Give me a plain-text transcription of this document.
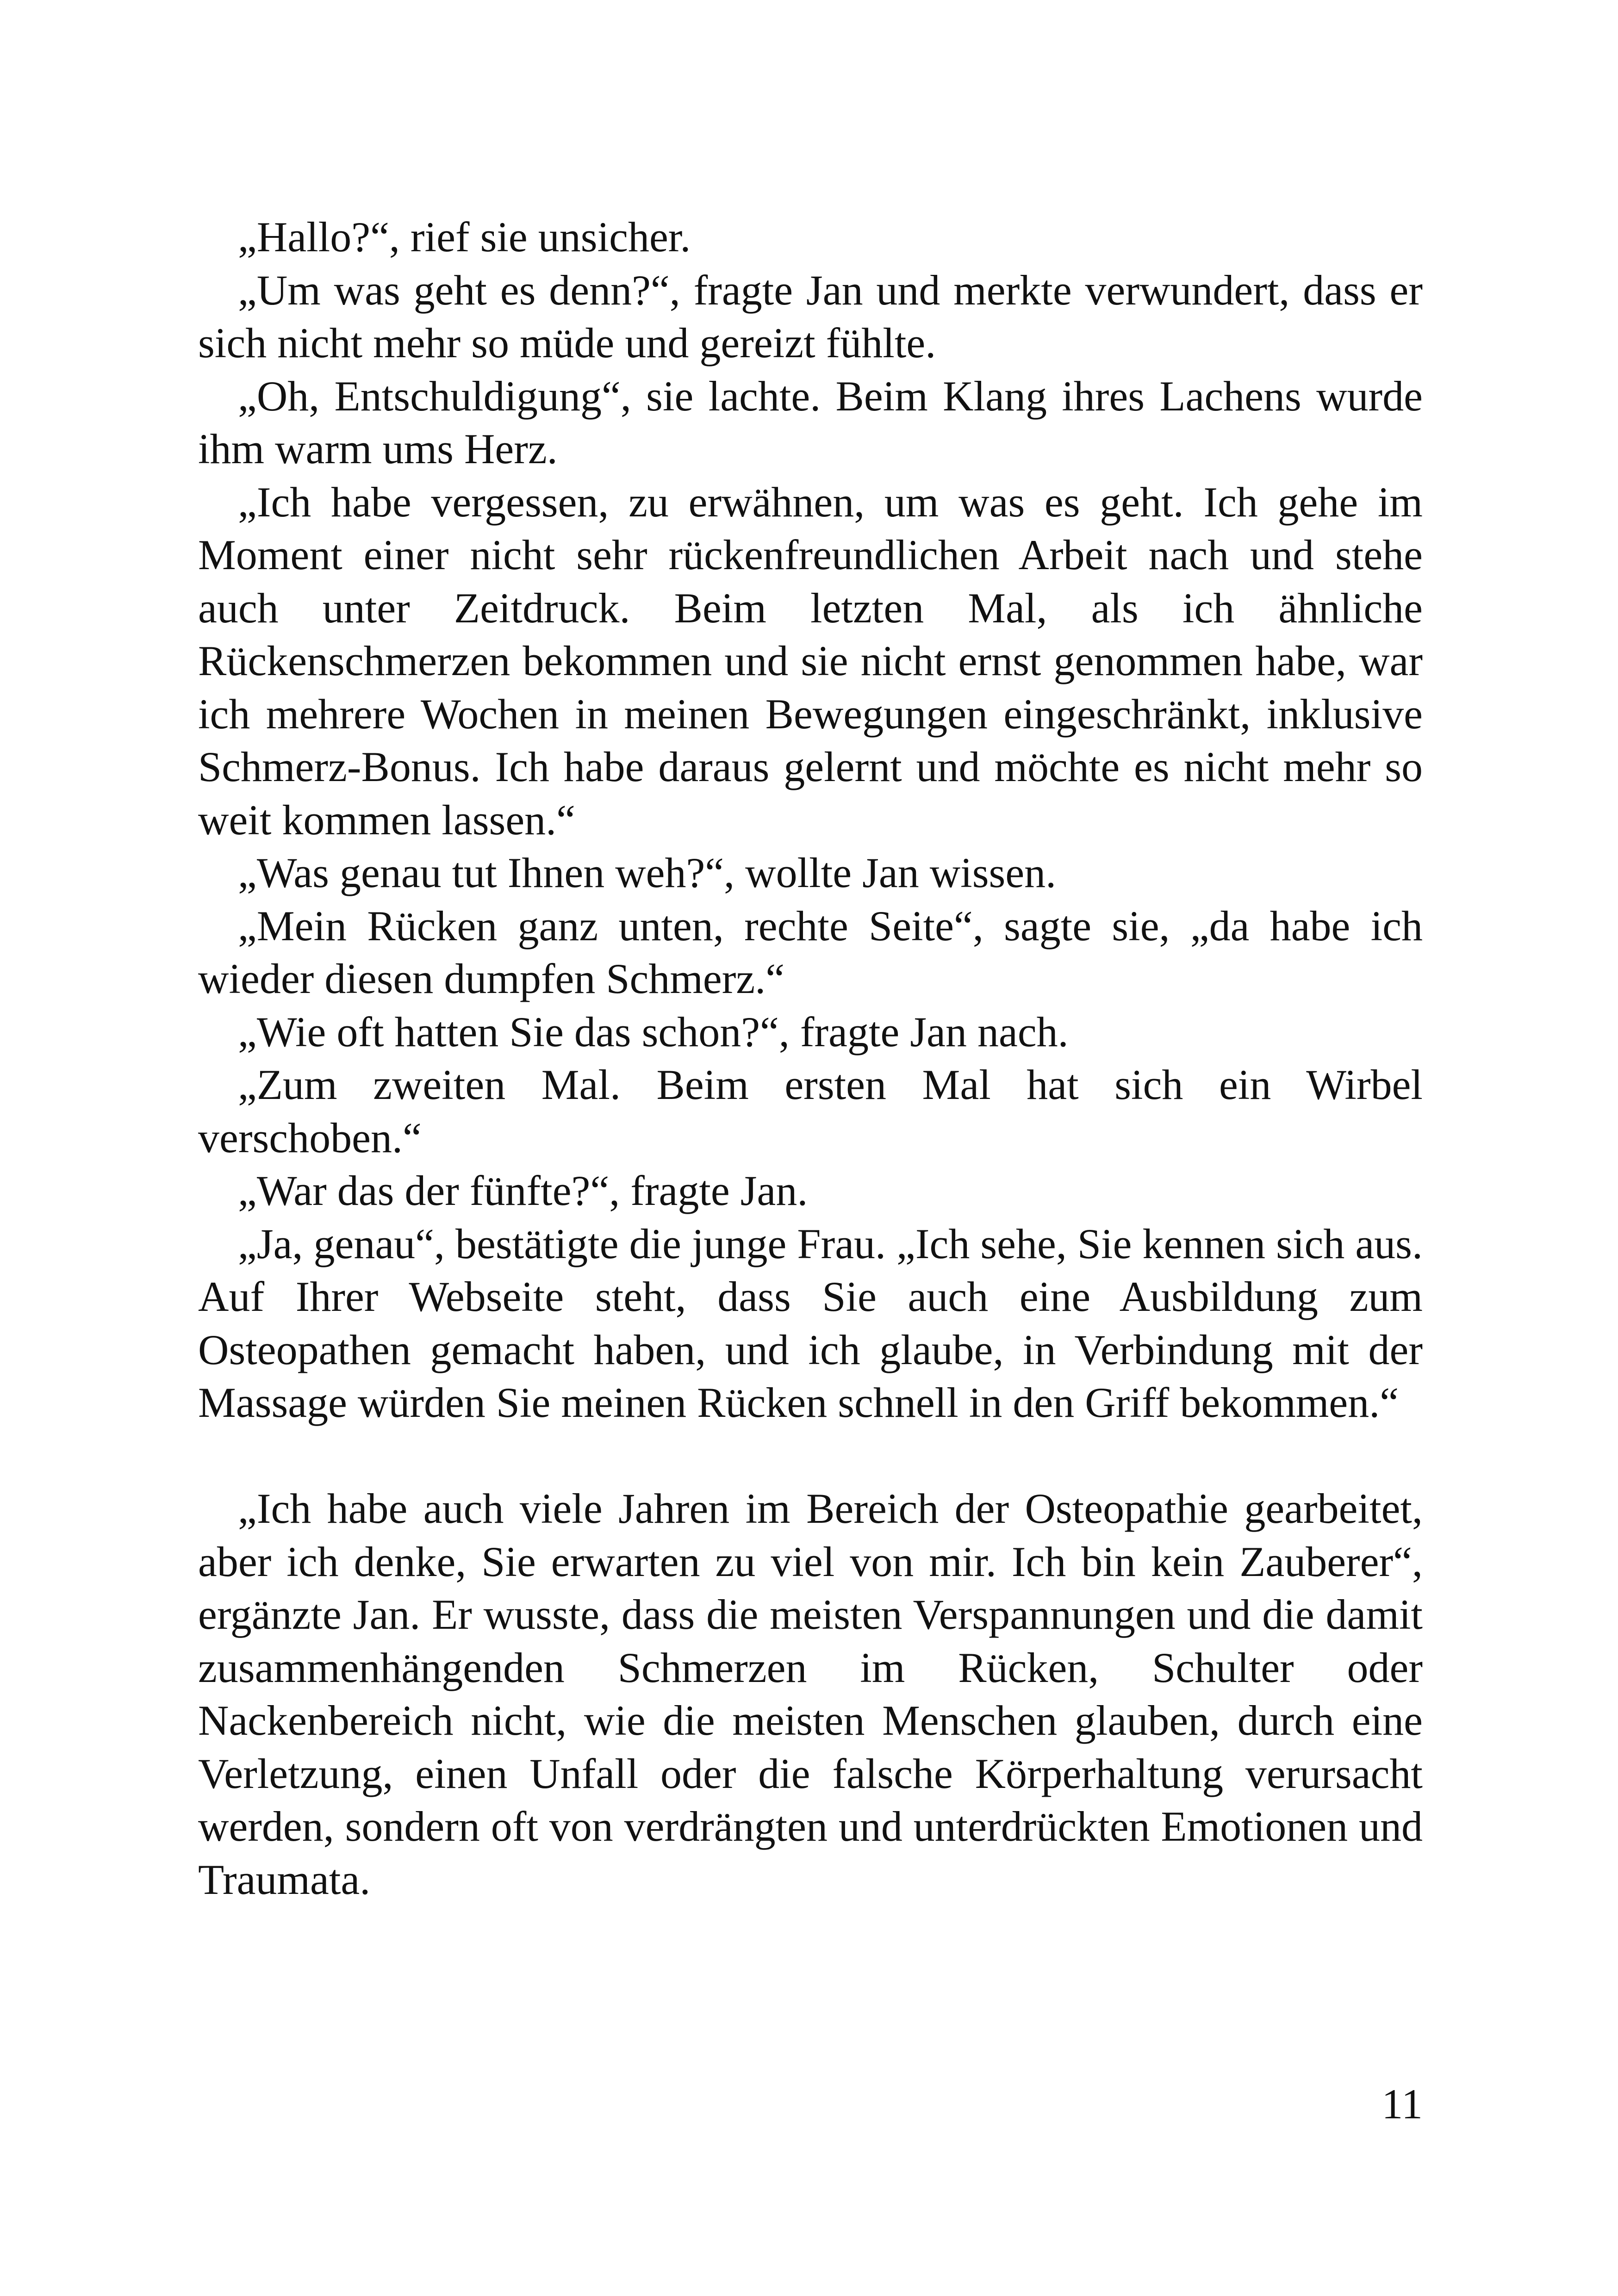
„Hallo?“, rief sie unsicher.

„Um was geht es denn?“, fragte Jan und merkte verwundert, dass er sich nicht mehr so müde und gereizt fühlte.

„Oh, Entschuldigung“, sie lachte. Beim Klang ihres Lachens wurde ihm warm ums Herz.

„Ich habe vergessen, zu erwähnen, um was es geht. Ich gehe im Moment einer nicht sehr rückenfreundlichen Arbeit nach und stehe auch unter Zeitdruck. Beim letzten Mal, als ich ähnliche Rückenschmerzen bekommen und sie nicht ernst genommen habe, war ich mehrere Wochen in meinen Bewegungen eingeschränkt, inklusive Schmerz-Bonus. Ich habe daraus gelernt und möchte es nicht mehr so weit kommen lassen.“

„Was genau tut Ihnen weh?“, wollte Jan wissen.

„Mein Rücken ganz unten, rechte Seite“, sagte sie, „da habe ich wieder diesen dumpfen Schmerz.“

„Wie oft hatten Sie das schon?“, fragte Jan nach.

„Zum zweiten Mal. Beim ersten Mal hat sich ein Wirbel verschoben.“

„War das der fünfte?“, fragte Jan.

„Ja, genau“, bestätigte die junge Frau. „Ich sehe, Sie kennen sich aus. Auf Ihrer Webseite steht, dass Sie auch eine Ausbildung zum Osteopathen gemacht haben, und ich glaube, in Verbindung mit der Massage würden Sie meinen Rücken schnell in den Griff bekommen.“

„Ich habe auch viele Jahren im Bereich der Osteopathie gearbeitet, aber ich denke, Sie erwarten zu viel von mir. Ich bin kein Zauberer“, ergänzte Jan. Er wusste, dass die meisten Verspannungen und die damit zusammenhängenden Schmerzen im Rücken, Schulter oder Nackenbereich nicht, wie die meisten Menschen glauben, durch eine Verletzung, einen Unfall oder die falsche Körperhaltung verursacht werden, sondern oft von verdrängten und unterdrückten Emotionen und Traumata.

11
